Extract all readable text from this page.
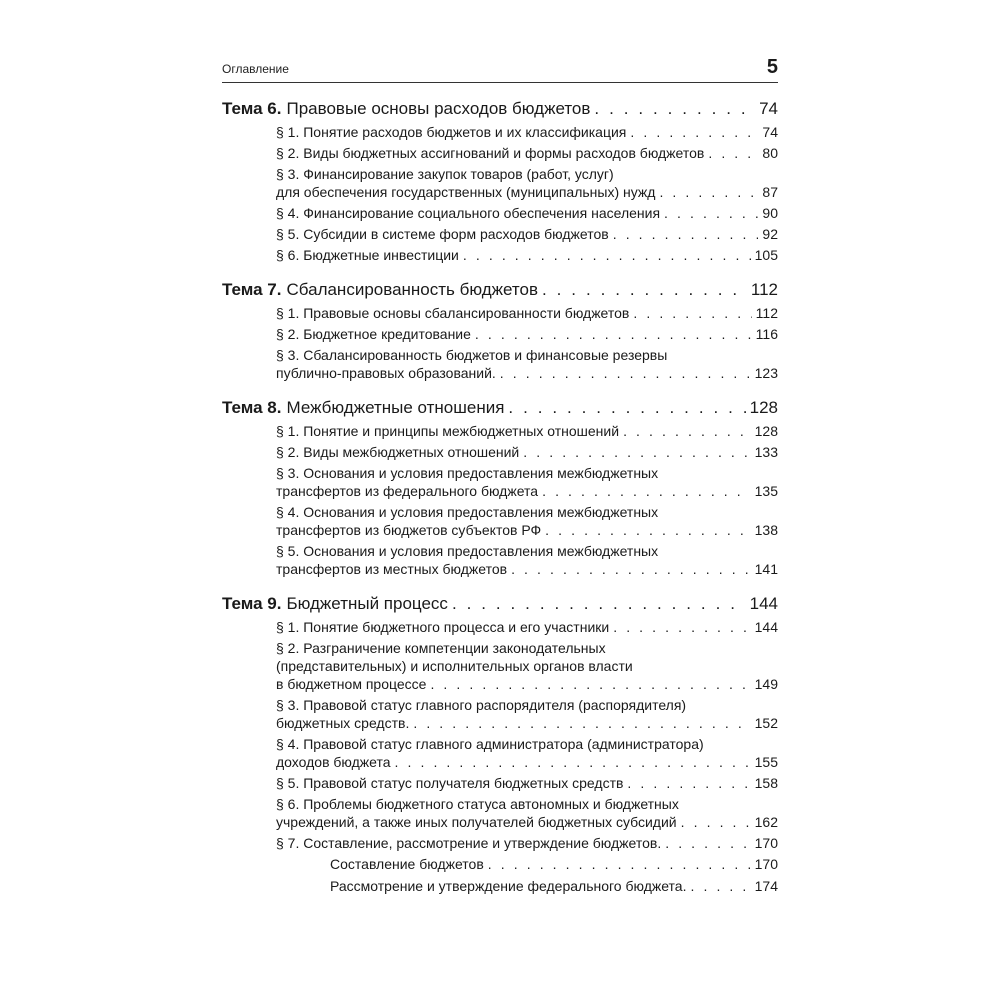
Оглавление	5
Тема 6. Правовые основы расходов бюджетов . . .	74
§ 1. Понятие расходов бюджетов и их классификация . . .	74
§ 2. Виды бюджетных ассигнований и формы расходов бюджетов . . .	80
§ 3. Финансирование закупок товаров (работ, услуг)
для обеспечения государственных (муниципальных) нужд . . .	87
§ 4. Финансирование социального обеспечения населения . . .	90
§ 5. Субсидии в системе форм расходов бюджетов . . .	92
§ 6. Бюджетные инвестиции . . .	105
Тема 7. Сбалансированность бюджетов . . .	112
§ 1. Правовые основы сбалансированности бюджетов . . .	112
§ 2. Бюджетное кредитование . . .	116
§ 3. Сбалансированность бюджетов и финансовые резервы
публично-правовых образований. . . .	123
Тема 8. Межбюджетные отношения . . .	128
§ 1. Понятие и принципы межбюджетных отношений . . .	128
§ 2. Виды межбюджетных отношений . . .	133
§ 3. Основания и условия предоставления межбюджетных
трансфертов из федерального бюджета . . .	135
§ 4. Основания и условия предоставления межбюджетных
трансфертов из бюджетов субъектов РФ . . .	138
§ 5. Основания и условия предоставления межбюджетных
трансфертов из местных бюджетов . . .	141
Тема 9. Бюджетный процесс . . .	144
§ 1. Понятие бюджетного процесса и его участники . . .	144
§ 2. Разграничение компетенции законодательных
(представительных) и исполнительных органов власти
в бюджетном процессе . . .	149
§ 3. Правовой статус главного распорядителя (распорядителя)
бюджетных средств. . . .	152
§ 4. Правовой статус главного администратора (администратора)
доходов бюджета . . .	155
§ 5. Правовой статус получателя бюджетных средств . . .	158
§ 6. Проблемы бюджетного статуса автономных и бюджетных
учреждений, а также иных получателей бюджетных субсидий . . .	162
§ 7. Составление, рассмотрение и утверждение бюджетов. . . .	170
Составление бюджетов . . .	170
Рассмотрение и утверждение федерального бюджета. . . .	174
